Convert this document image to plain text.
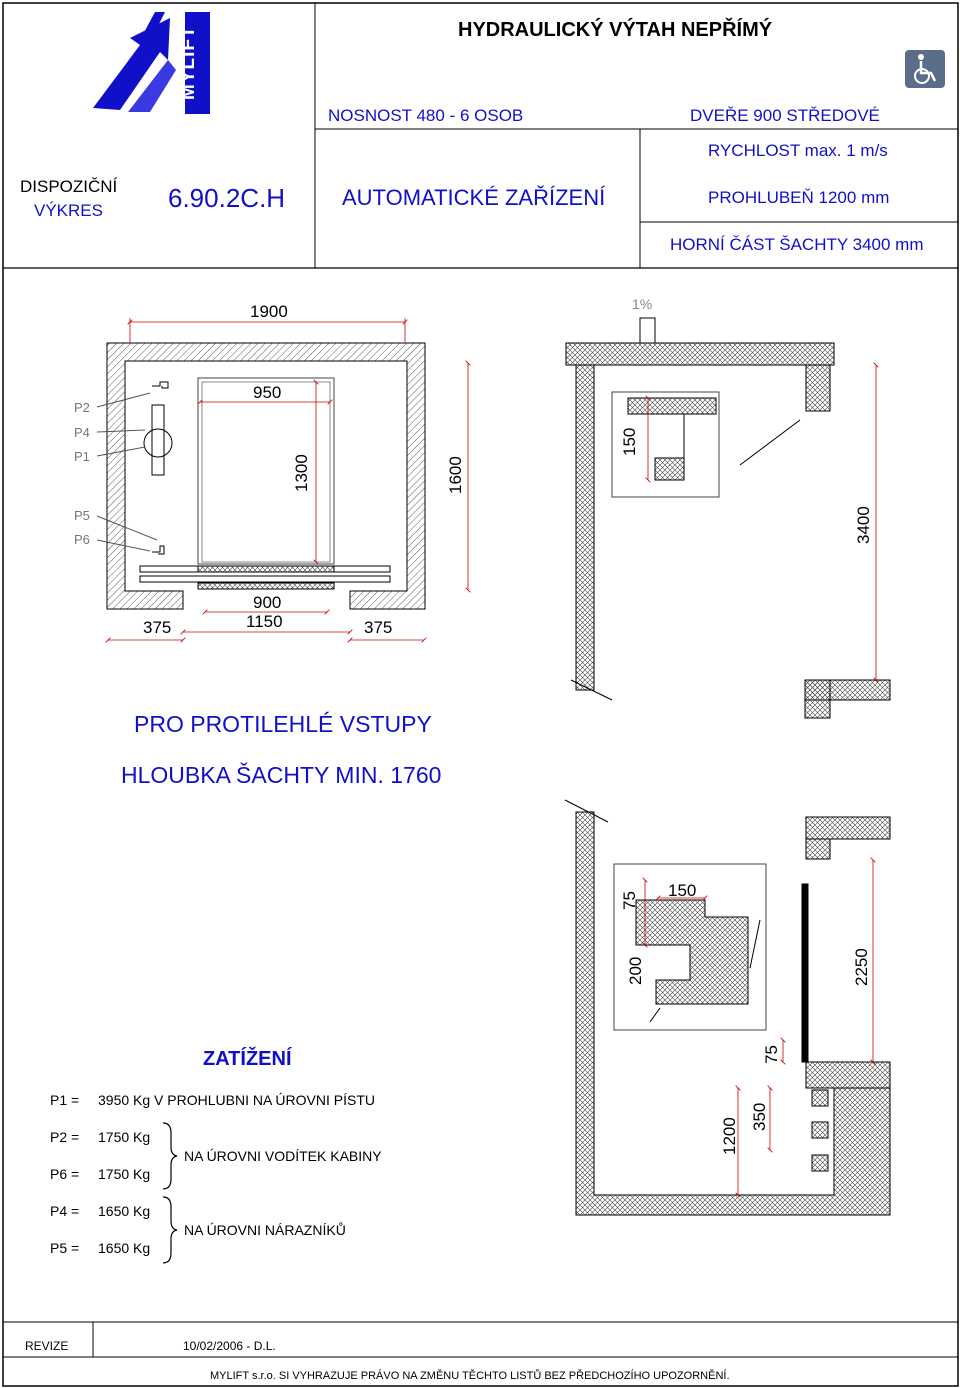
MYLIFT	HYDRAULICKÝ VÝTAH NEPŘÍMÝ
DISPOZIČNÍ
VÝKRES	6.90.2C.H
NOSNOST 480 - 6 OSOB	DVEŘE 900 STŘEDOVÉ
AUTOMATICKÉ ZAŘÍZENÍ
RYCHLOST max. 1 m/s
PROHLUBEŇ 1200 mm
HORNÍ ČÁST ŠACHTY 3400 mm
1900
950
1300	1600
900
1150
375	375
P2
P4
P1
P5
P6
1%
150
3400
PRO PROTILEHLÉ VSTUPY
HLOUBKA ŠACHTY MIN. 1760
75
150
200	2250
75
350
1200
ZATÍŽENÍ
P1 = 3950 Kg V PROHLUBNI NA ÚROVNI PÍSTU
P2 = 1750 Kg
NA ÚROVNI VODÍTEK KABINY
P6 = 1750 Kg
P4 = 1650 Kg
NA ÚROVNI NÁRAZNÍKŮ
P5 = 1650 Kg
REVIZE	10/02/2006 - D.L.
MYLIFT s.r.o. SI VYHRAZUJE PRÁVO NA ZMĚNU TĚCHTO LISTŮ BEZ PŘEDCHOZÍHO UPOZORNĚNÍ.
